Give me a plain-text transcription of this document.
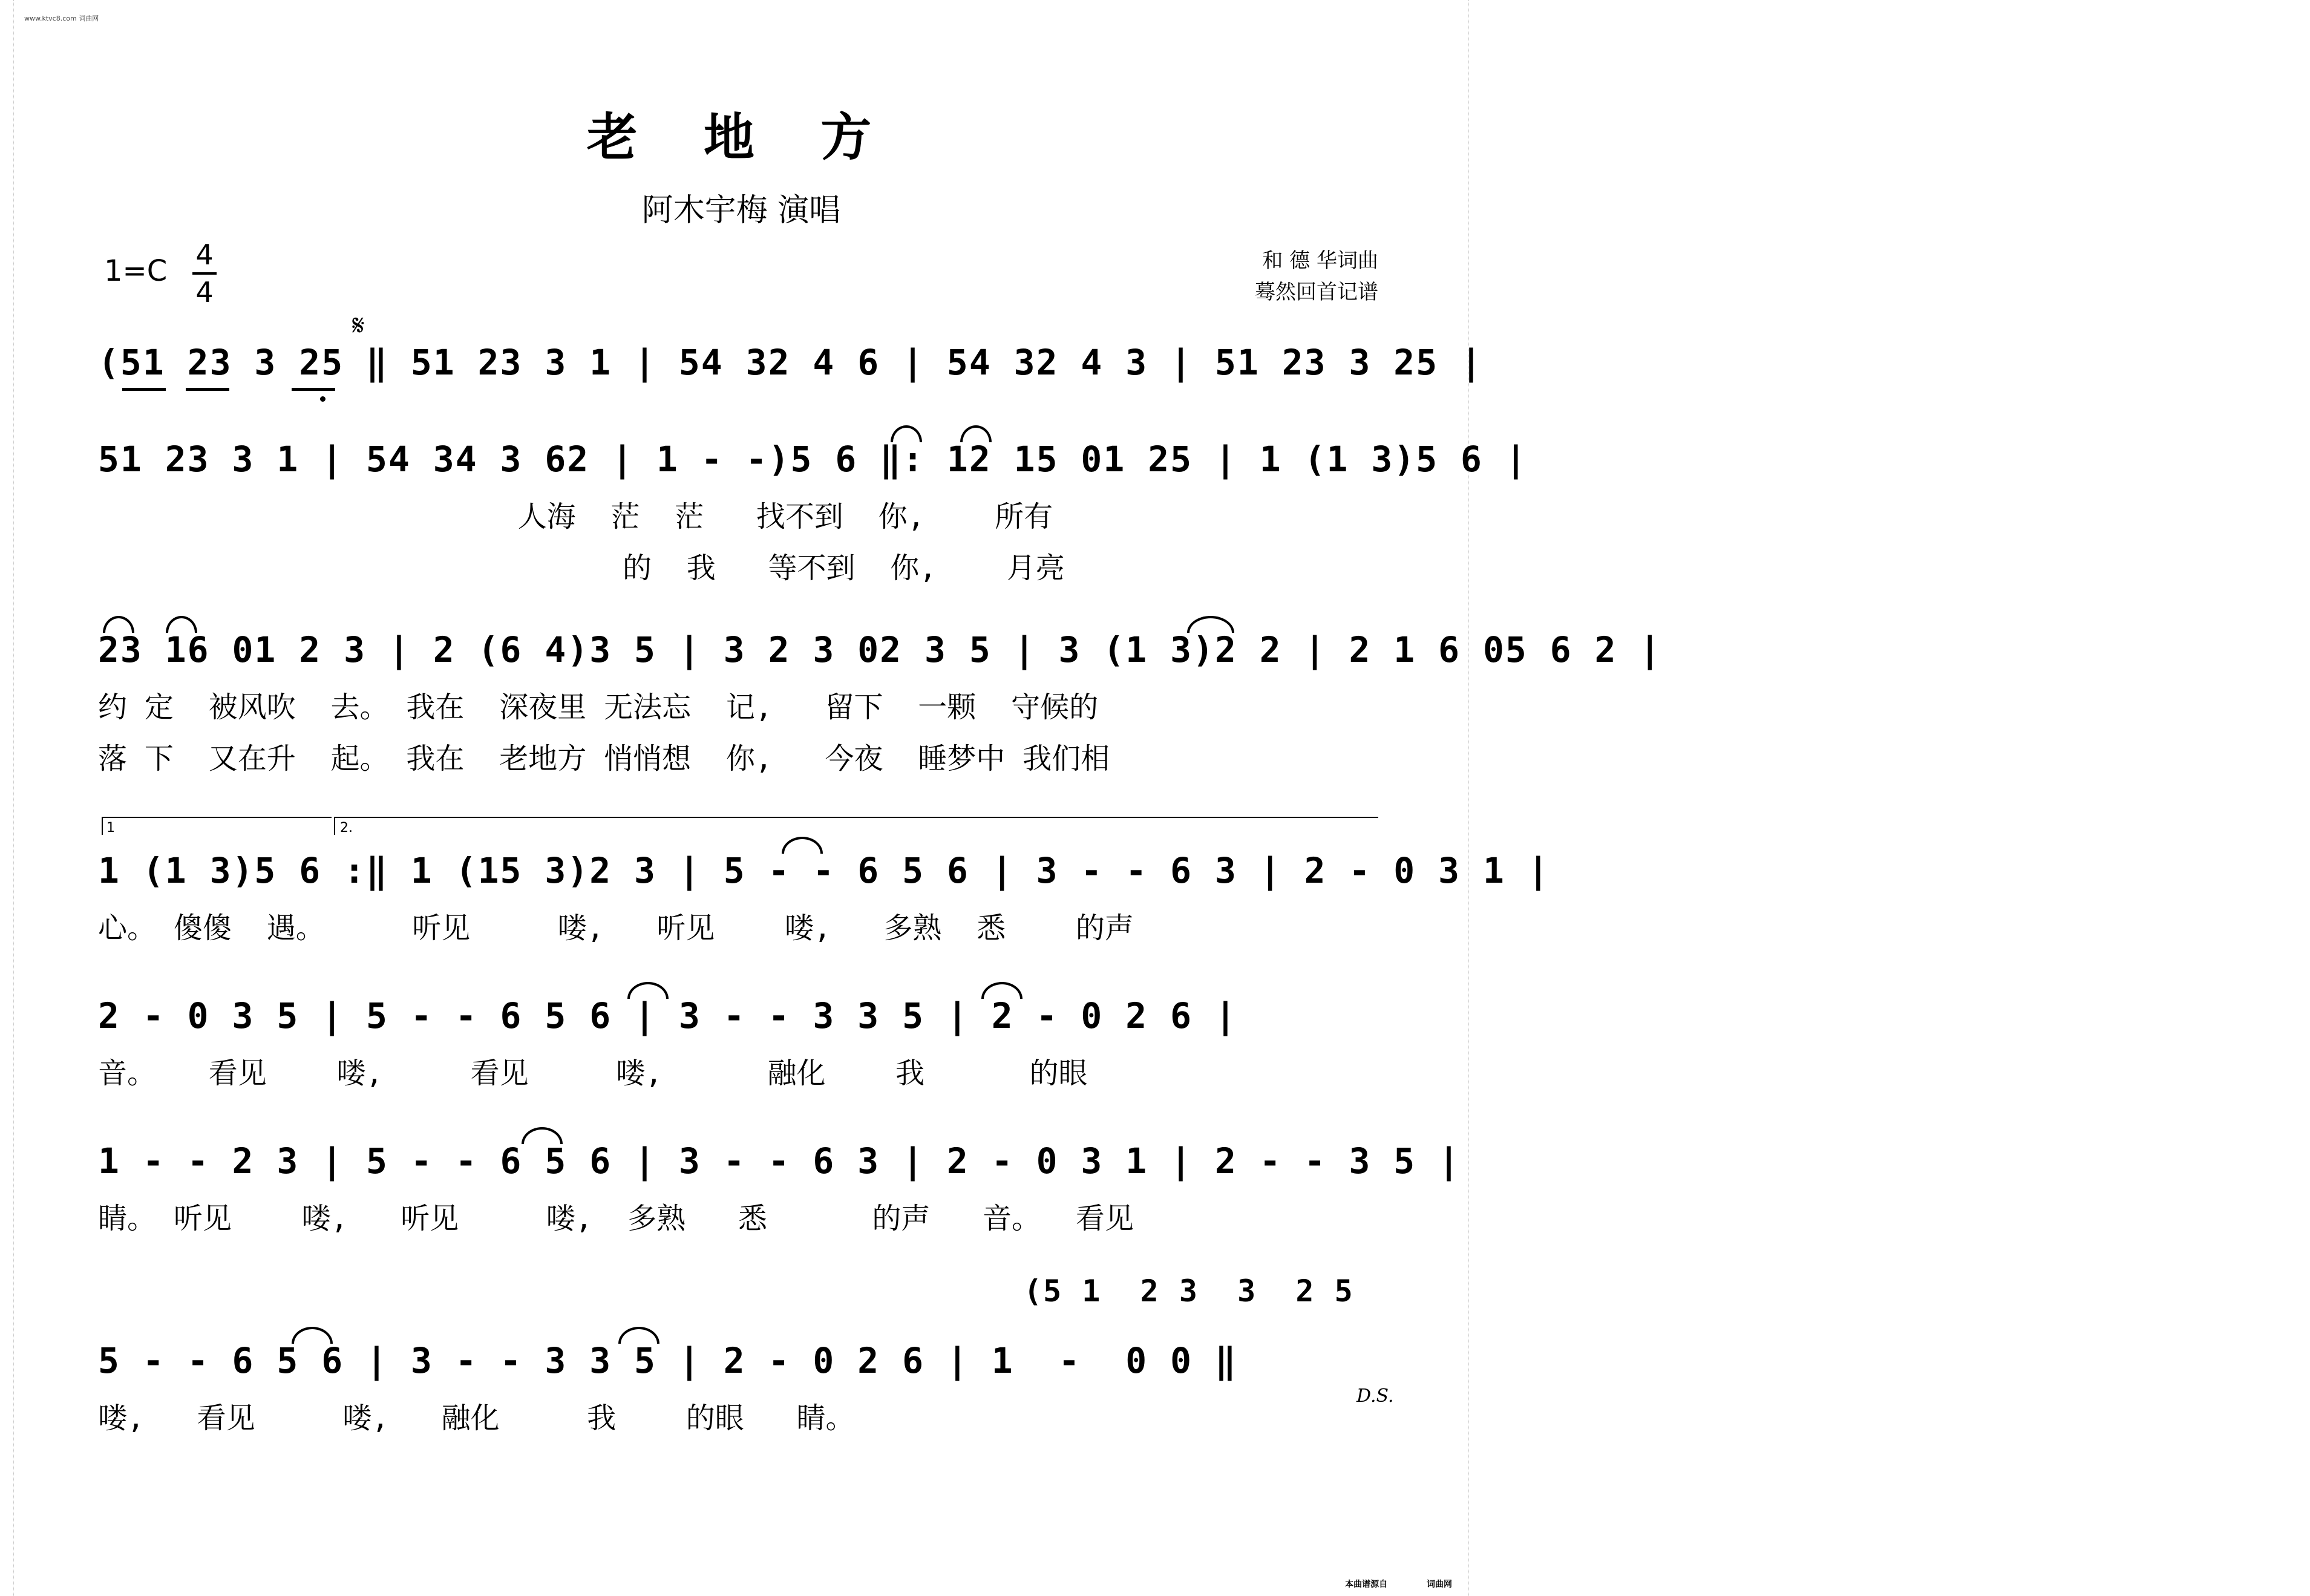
www.ktvc8.com 词曲网
老 地 方
阿木宇梅 演唱
$1=C \frac{4}{4}$	和 德 华词曲
蓦然回首记谱
𝄋
(51 23 3 25 ‖ 51 23 3 1 | 54 32 4 6 | 54 32 4 3 | 51 23 3 25 |
51 23 3 1 | 54 34 3 62 | 1 - -)5 6 ‖: 12 15 01 25 | 1 (1 3)5 6 |
人海  茫  茫   找不到  你,    所有
的  我   等不到  你,    月亮
23 16 01 2 3 | 2 (6 4)3 5 | 3 2 3 02 3 5 | 3 (1 3)2 2 | 2 1 6 05 6 2 |
约 定  被风吹  去。 我在  深夜里 无法忘  记,   留下  一颗  守候的
落 下  又在升  起。 我在  老地方 悄悄想  你,   今夜  睡梦中 我们相
1	2.
1 (1 3)5 6 :‖ 1 (15 3)2 3 | 5 - - 6 5 6 | 3 - - 6 3 | 2 - 0 3 1 |
心。 傻傻  遇。     听见     喽,   听见    喽,   多熟  悉    的声
2 - 0 3 5 | 5 - - 6 5 6 | 3 - - 3 3 5 | 2 - 0 2 6 |
音。   看见    喽,     看见     喽,      融化    我      的眼
1 - - 2 3 | 5 - - 6 5 6 | 3 - - 6 3 | 2 - 0 3 1 | 2 - - 3 5 |
睛。 听见    喽,   听见     喽,  多熟   悉      的声   音。  看见
(5 1  2 3  3  2 5
5 - - 6 5 6 | 3 - - 3 3 5 | 2 - 0 2 6 | 1  -  0 0 ‖
喽,   看见     喽,   融化     我    的眼   睛。
D.S.
本曲谱源自	词曲网
